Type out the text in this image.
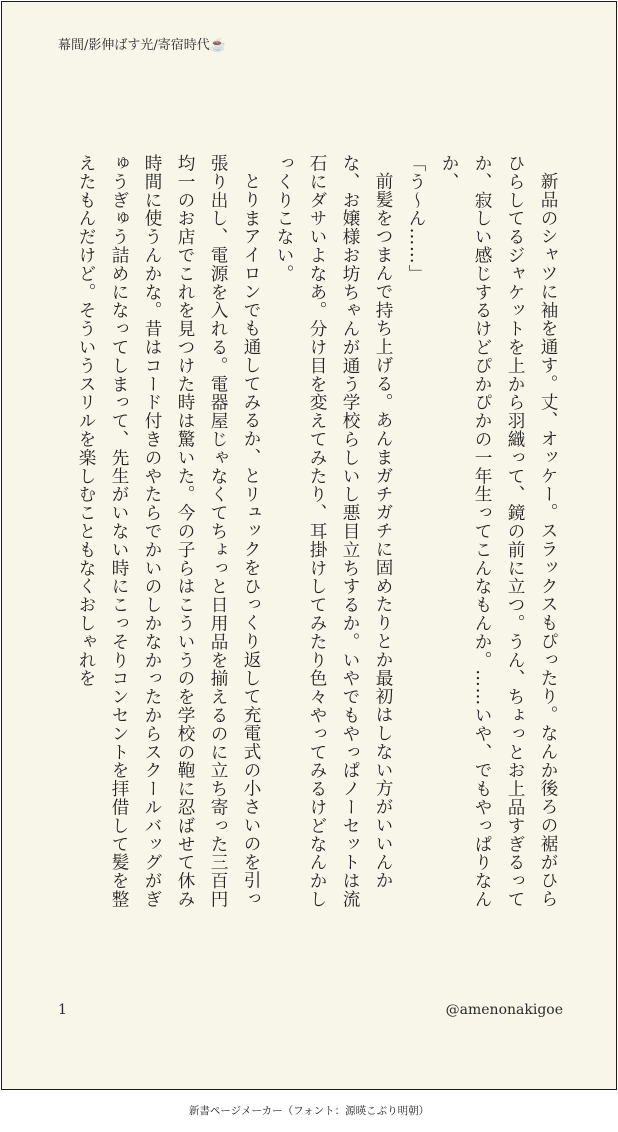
幕間/影伸ばす光/寄宿時代☕

新品のシャツに袖を通す。丈、オッケー。スラックスもぴったり。なんか後ろの裾がひらひらしてるジャケットを上から羽織って、鏡の前に立つ。うん、ちょっとお上品すぎるってか、寂しい感じするけどぴかぴかの一年生ってこんなもんか。……いや、でもやっぱりなんか、

「う〜ん……」

前髪をつまんで持ち上げる。あんまガチガチに固めたりとか最初はしない方がいいんかな、お嬢様お坊ちゃんが通う学校らしいし悪目立ちするか。いやでもやっぱノーセットは流石にダサいよなあ。分け目を変えてみたり、耳掛けしてみたり色々やってみるけどなんかしっくりこない。

とりまアイロンでも通してみるか、とリュックをひっくり返して充電式の小さいのを引っ張り出し、電源を入れる。電器屋じゃなくてちょっと日用品を揃えるのに立ち寄った三百円均一のお店でこれを見つけた時は驚いた。今の子らはこういうのを学校の鞄に忍ばせて休み時間に使うんかな。昔はコード付きのやたらでかいのしかなかったからスクールバッグがぎゅうぎゅう詰めになってしまって、先生がいない時にこっそりコンセントを拝借して髪を整えたもんだけど。そういうスリルを楽しむこともなくおしゃれを

1	@amenonakigoe
新書ページメーカー（フォント：源暎こぶり明朝）
